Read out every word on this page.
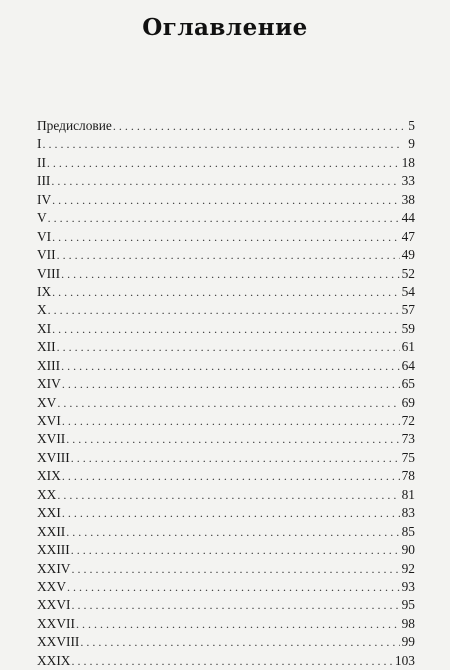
Оглавление
Предисловие . . .	5
I . . .	9
II . . .	18
III . . .	33
IV . . .	38
V . . .	44
VI . . .	47
VII . . .	49
VIII . . .	52
IX . . .	54
X . . .	57
XI . . .	59
XII . . .	61
XIII . . .	64
XIV . . .	65
XV . . .	69
XVI . . .	72
XVII . . .	73
XVIII . . .	75
XIX . . .	78
XX . . .	81
XXI . . .	83
XXII . . .	85
XXIII . . .	90
XXIV . . .	92
XXV . . .	93
XXVI . . .	95
XXVII . . .	98
XXVIII . . .	99
XXIX . . .	103
